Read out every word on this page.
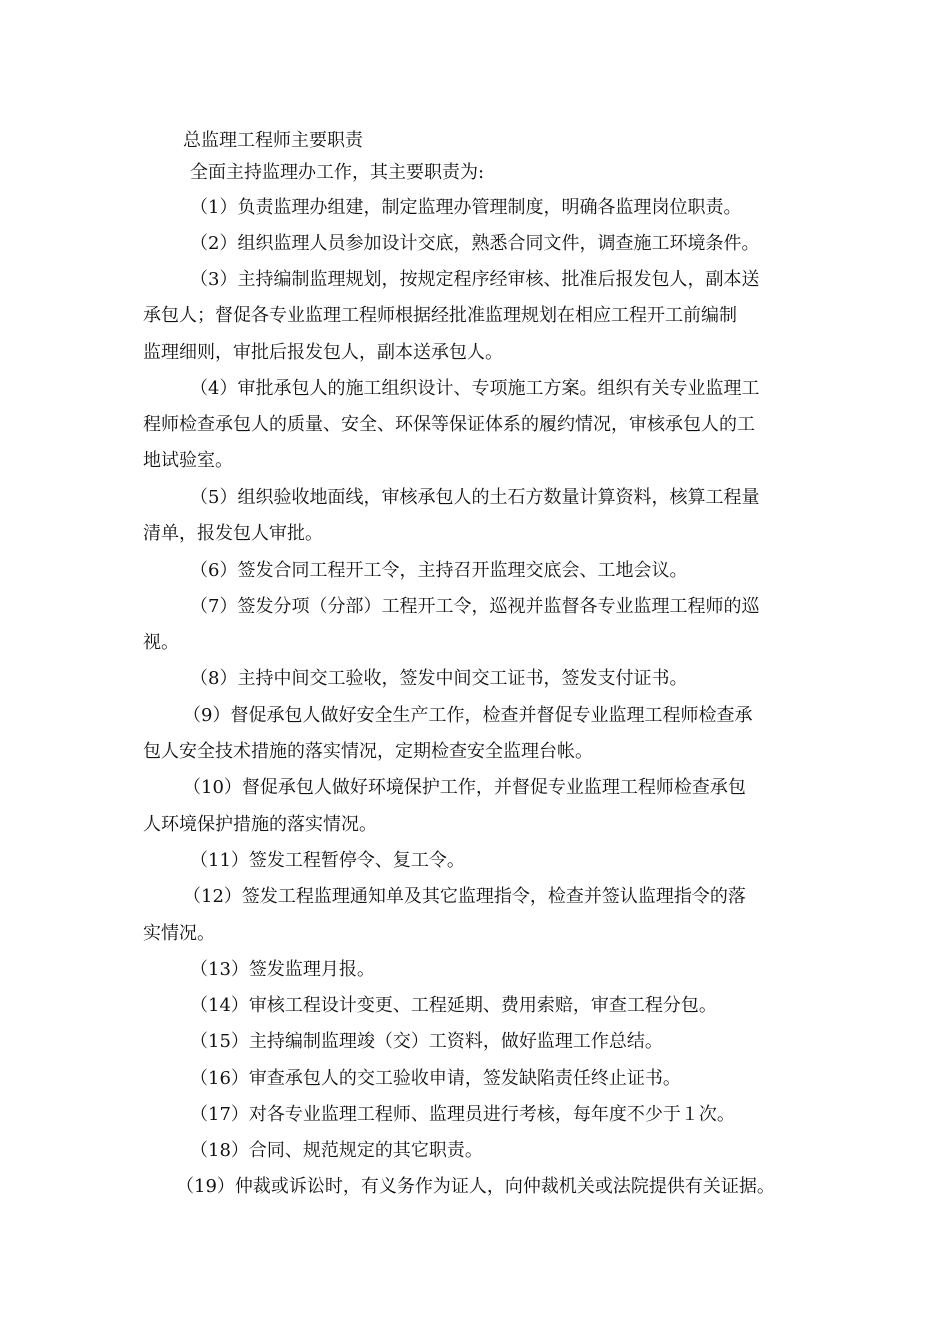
总监理工程师主要职责
全面主持监理办工作，其主要职责为:
（1）负责监理办组建，制定监理办管理制度，明确各监理岗位职责。
（2）组织监理人员参加设计交底，熟悉合同文件，调查施工环境条件。
（3）主持编制监理规划，按规定程序经审核、批准后报发包人，副本送
承包人；督促各专业监理工程师根据经批准监理规划在相应工程开工前编制
监理细则，审批后报发包人，副本送承包人。
（4）审批承包人的施工组织设计、专项施工方案。组织有关专业监理工
程师检查承包人的质量、安全、环保等保证体系的履约情况，审核承包人的工
地试验室。
（5）组织验收地面线，审核承包人的土石方数量计算资料，核算工程量
清单，报发包人审批。
（6）签发合同工程开工令，主持召开监理交底会、工地会议。
（7）签发分项（分部）工程开工令，巡视并监督各专业监理工程师的巡
视。
（8）主持中间交工验收，签发中间交工证书，签发支付证书。
（9）督促承包人做好安全生产工作，检查并督促专业监理工程师检查承
包人安全技术措施的落实情况，定期检查安全监理台帐。
（10）督促承包人做好环境保护工作，并督促专业监理工程师检查承包
人环境保护措施的落实情况。
（11）签发工程暂停令、复工令。
（12）签发工程监理通知单及其它监理指令，检查并签认监理指令的落
实情况。
（13）签发监理月报。
（14）审核工程设计变更、工程延期、费用索赔，审查工程分包。
（15）主持编制监理竣（交）工资料，做好监理工作总结。
（16）审查承包人的交工验收申请，签发缺陷责任终止证书。
（17）对各专业监理工程师、监理员进行考核，每年度不少于１次。
（18）合同、规范规定的其它职责。
（19）仲裁或诉讼时，有义务作为证人，向仲裁机关或法院提供有关证据。
